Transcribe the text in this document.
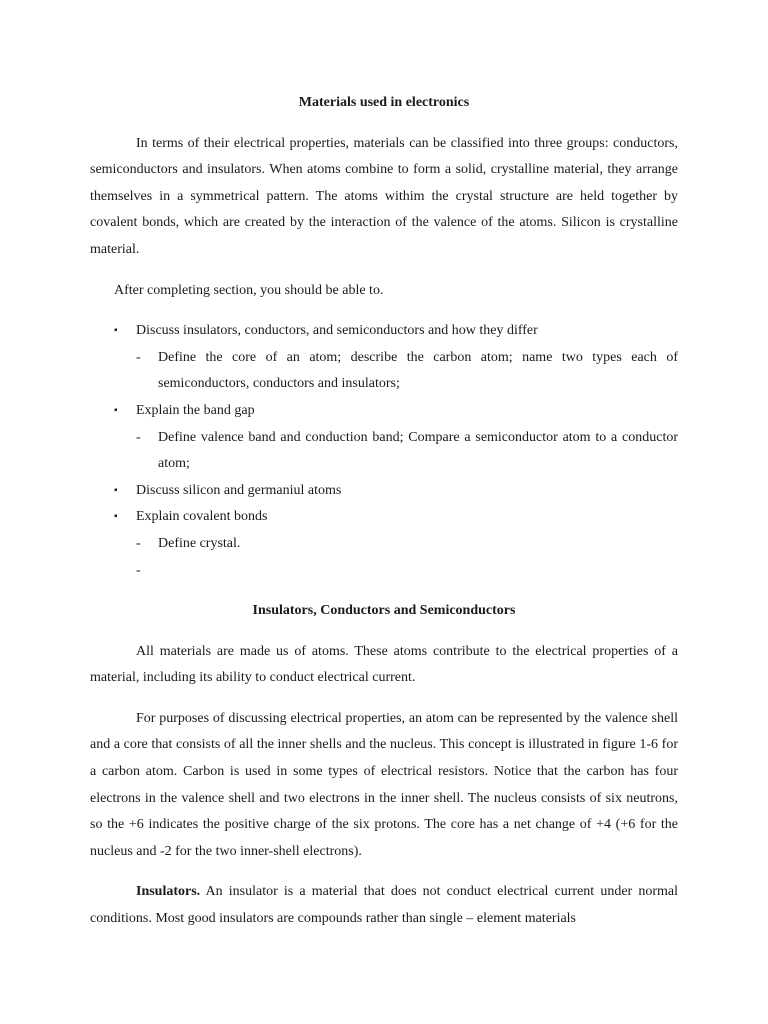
Materials used in electronics

In terms of their electrical properties, materials can be classified into three groups: conductors, semiconductors and insulators. When atoms combine to form a solid, crystalline material, they arrange themselves in a symmetrical pattern. The atoms withim the crystal structure are held together by covalent bonds, which are created by the interaction of the valence of the atoms. Silicon is crystalline material.

After completing section, you should be able to.

▪ Discuss insulators, conductors, and semiconductors and how they differ
- Define the core of an atom; describe the carbon atom; name two types each of semiconductors, conductors and insulators;
▪ Explain the band gap
- Define valence band and conduction band; Compare a semiconductor atom to a conductor atom;
▪ Discuss silicon and germaniul atoms
▪ Explain covalent bonds
- Define crystal.
-

Insulators, Conductors and Semiconductors

All materials are made us of atoms. These atoms contribute to the electrical properties of a material, including its ability to conduct electrical current.

For purposes of discussing electrical properties, an atom can be represented by the valence shell and a core that consists of all the inner shells and the nucleus. This concept is illustrated in figure 1-6 for a carbon atom. Carbon is used in some types of electrical resistors. Notice that the carbon has four electrons in the valence shell and two electrons in the inner shell. The nucleus consists of six neutrons, so the +6 indicates the positive charge of the six protons. The core has a net change of +4 (+6 for the nucleus and -2 for the two inner-shell electrons).

Insulators. An insulator is a material that does not conduct electrical current under normal conditions. Most good insulators are compounds rather than single – element materials
